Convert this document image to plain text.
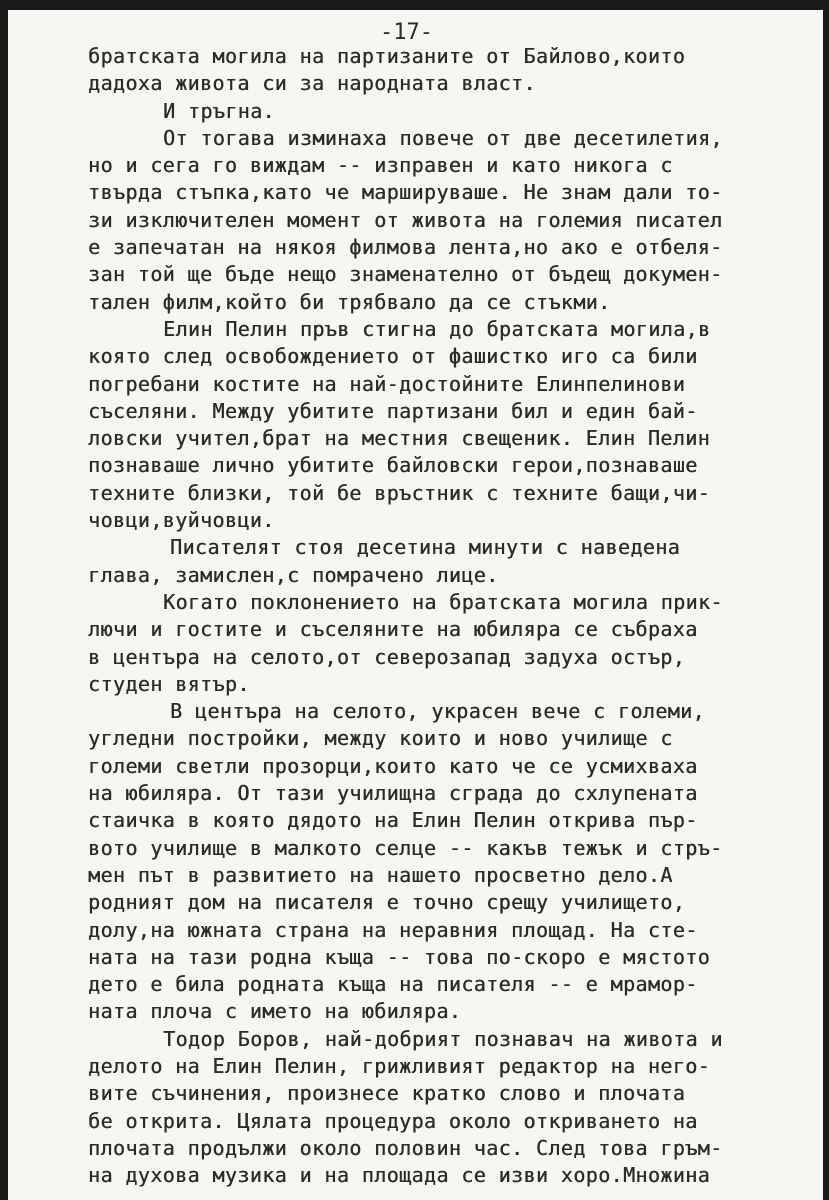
-17-
братската могила на партизаните от Байлово,които
дадоха живота си за народната власт.
И тръгна.
От тогава изминаха повече от две десетилетия,
но и сега го виждам -- изправен и като никога с
твърда стъпка,като че маршируваше. Не знам дали то-
зи изключителен момент от живота на големия писател
е запечатан на някоя филмова лента,но ако е отбеля-
зан той ще бъде нещо знаменателно от бъдещ докумен-
тален филм,който би трябвало да се стъкми.
Елин Пелин пръв стигна до братската могила,в
която след освобождението от фашистко иго са били
погребани костите на най-достойните Елинпелинови
съселяни. Между убитите партизани бил и един бай-
ловски учител,брат на местния свещеник. Елин Пелин
познаваше лично убитите байловски герои,познаваше
техните близки, той бе връстник с техните бащи,чи-
човци,вуйчовци.
Писателят стоя десетина минути с наведена
глава, замислен,с помрачено лице.
Когато поклонението на братската могила прик-
лючи и гостите и съселяните на юбиляра се събраха
в центъра на селото,от северозапад задуха остър,
студен вятър.
В центъра на селото, украсен вече с големи,
угледни постройки, между които и ново училище с
големи светли прозорци,които като че се усмихваха
на юбиляра. От тази училищна сграда до схлупената
стаичка в която дядото на Елин Пелин открива пър-
вото училище в малкото селце -- какъв тежък и стръ-
мен път в развитието на нашето просветно дело.А
родният дом на писателя е точно срещу училището,
долу,на южната страна на неравния площад. На сте-
ната на тази родна къща -- това по-скоро е мястото
дето е била родната къща на писателя -- е мрамор-
ната плоча с името на юбиляра.
Тодор Боров, най-добрият познавач на живота и
делото на Елин Пелин, грижливият редактор на него-
вите съчинения, произнесе кратко слово и плочата
бе открита. Цялата процедура около откриването на
плочата продължи около половин час. След това гръм-
на духова музика и на площада се изви хоро.Множина
